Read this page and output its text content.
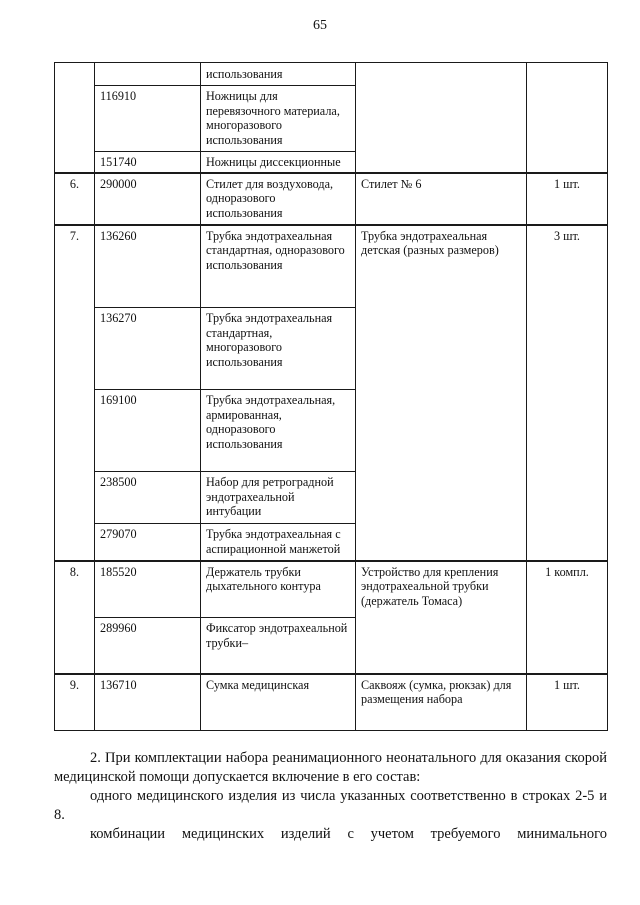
65
		использования		
	116910	Ножницы для перевязочного материала, многоразового использования		
	151740	Ножницы диссекционные		
6.	290000	Стилет для воздуховода, одноразового использования	Стилет № 6	1 шт.
7.	136260	Трубка эндотрахеальная стандартная, одноразового использования	Трубка эндотрахеальная детская (разных размеров)	3 шт.
	136270	Трубка эндотрахеальная стандартная, многоразового использования		
	169100	Трубка эндотрахеальная, армированная, одноразового использования		
	238500	Набор для ретроградной эндотрахеальной интубации		
	279070	Трубка эндотрахеальная с аспирационной манжетой		
8.	185520	Держатель трубки дыхательного контура	Устройство для крепления эндотрахеальной трубки (держатель Томаса)	1 компл.
	289960	Фиксатор эндотрахеальной трубки–		
9.	136710	Сумка медицинская	Саквояж (сумка, рюкзак) для размещения набора	1 шт.
2. При комплектации набора реанимационного неонатального для оказания скорой медицинской помощи допускается включение в его состав:
одного медицинского изделия из числа указанных соответственно в строках 2-5 и 8.
комбинации медицинских изделий с учетом требуемого минимального
